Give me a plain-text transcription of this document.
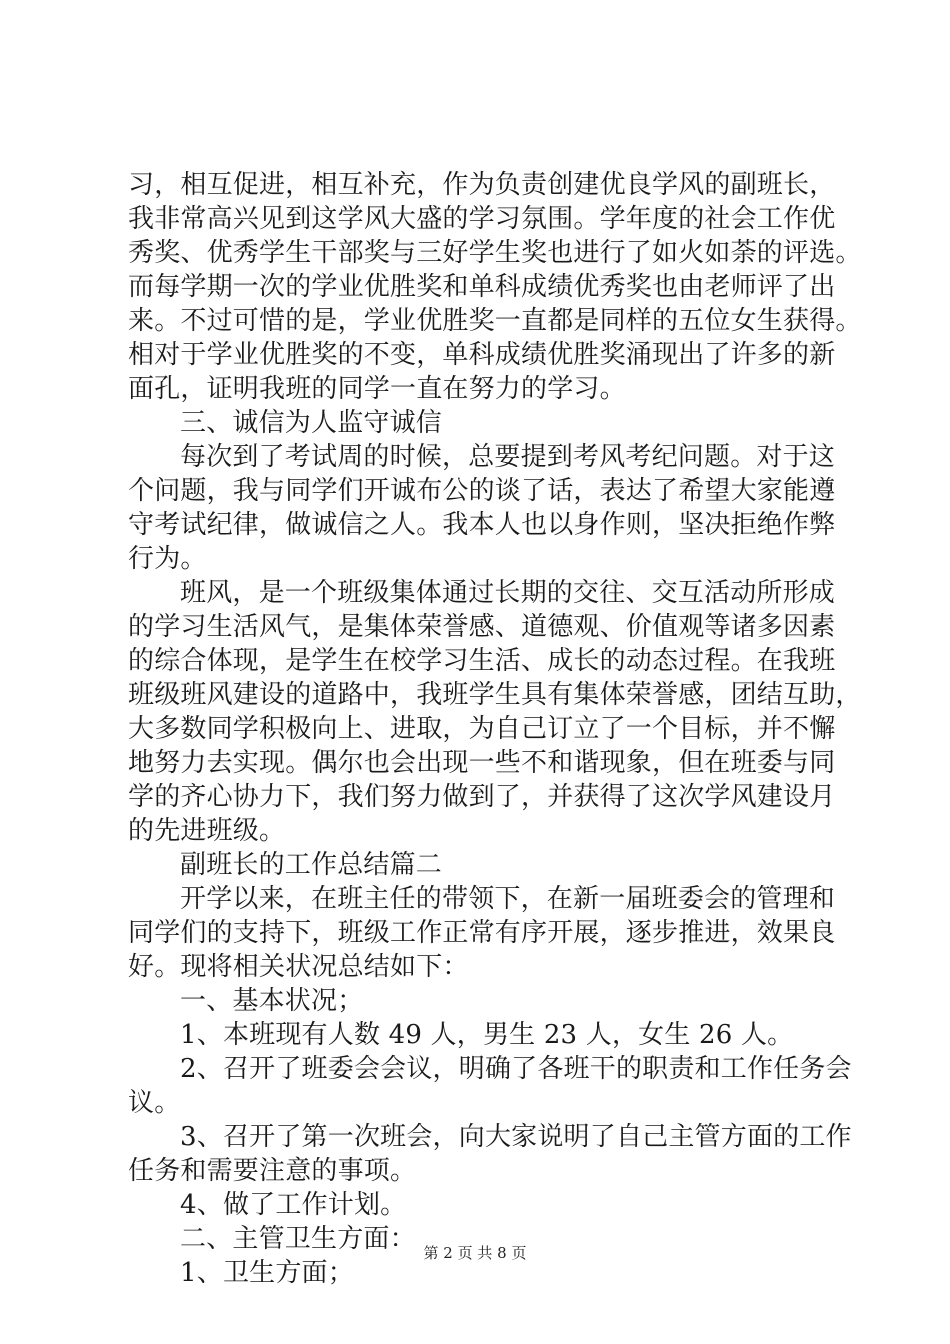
习，相互促进，相互补充，作为负责创建优良学风的副班长，
我非常高兴见到这学风大盛的学习氛围。学年度的社会工作优
秀奖、优秀学生干部奖与三好学生奖也进行了如火如荼的评选。
而每学期一次的学业优胜奖和单科成绩优秀奖也由老师评了出
来。不过可惜的是，学业优胜奖一直都是同样的五位女生获得。
相对于学业优胜奖的不变，单科成绩优胜奖涌现出了许多的新
面孔，证明我班的同学一直在努力的学习。
三、诚信为人监守诚信
每次到了考试周的时候，总要提到考风考纪问题。对于这
个问题，我与同学们开诚布公的谈了话，表达了希望大家能遵
守考试纪律，做诚信之人。我本人也以身作则，坚决拒绝作弊
行为。
班风，是一个班级集体通过长期的交往、交互活动所形成
的学习生活风气，是集体荣誉感、道德观、价值观等诸多因素
的综合体现，是学生在校学习生活、成长的动态过程。在我班
班级班风建设的道路中，我班学生具有集体荣誉感，团结互助，
大多数同学积极向上、进取，为自己订立了一个目标，并不懈
地努力去实现。偶尔也会出现一些不和谐现象，但在班委与同
学的齐心协力下，我们努力做到了，并获得了这次学风建设月
的先进班级。
副班长的工作总结篇二
开学以来，在班主任的带领下，在新一届班委会的管理和
同学们的支持下，班级工作正常有序开展，逐步推进，效果良
好。现将相关状况总结如下：
一、基本状况；
1、本班现有人数 49 人，男生 23 人，女生 26 人。
2、召开了班委会会议，明确了各班干的职责和工作任务会
议。
3、召开了第一次班会，向大家说明了自己主管方面的工作
任务和需要注意的事项。
4、做了工作计划。
二、主管卫生方面：
1、卫生方面；
第 2 页 共 8 页
